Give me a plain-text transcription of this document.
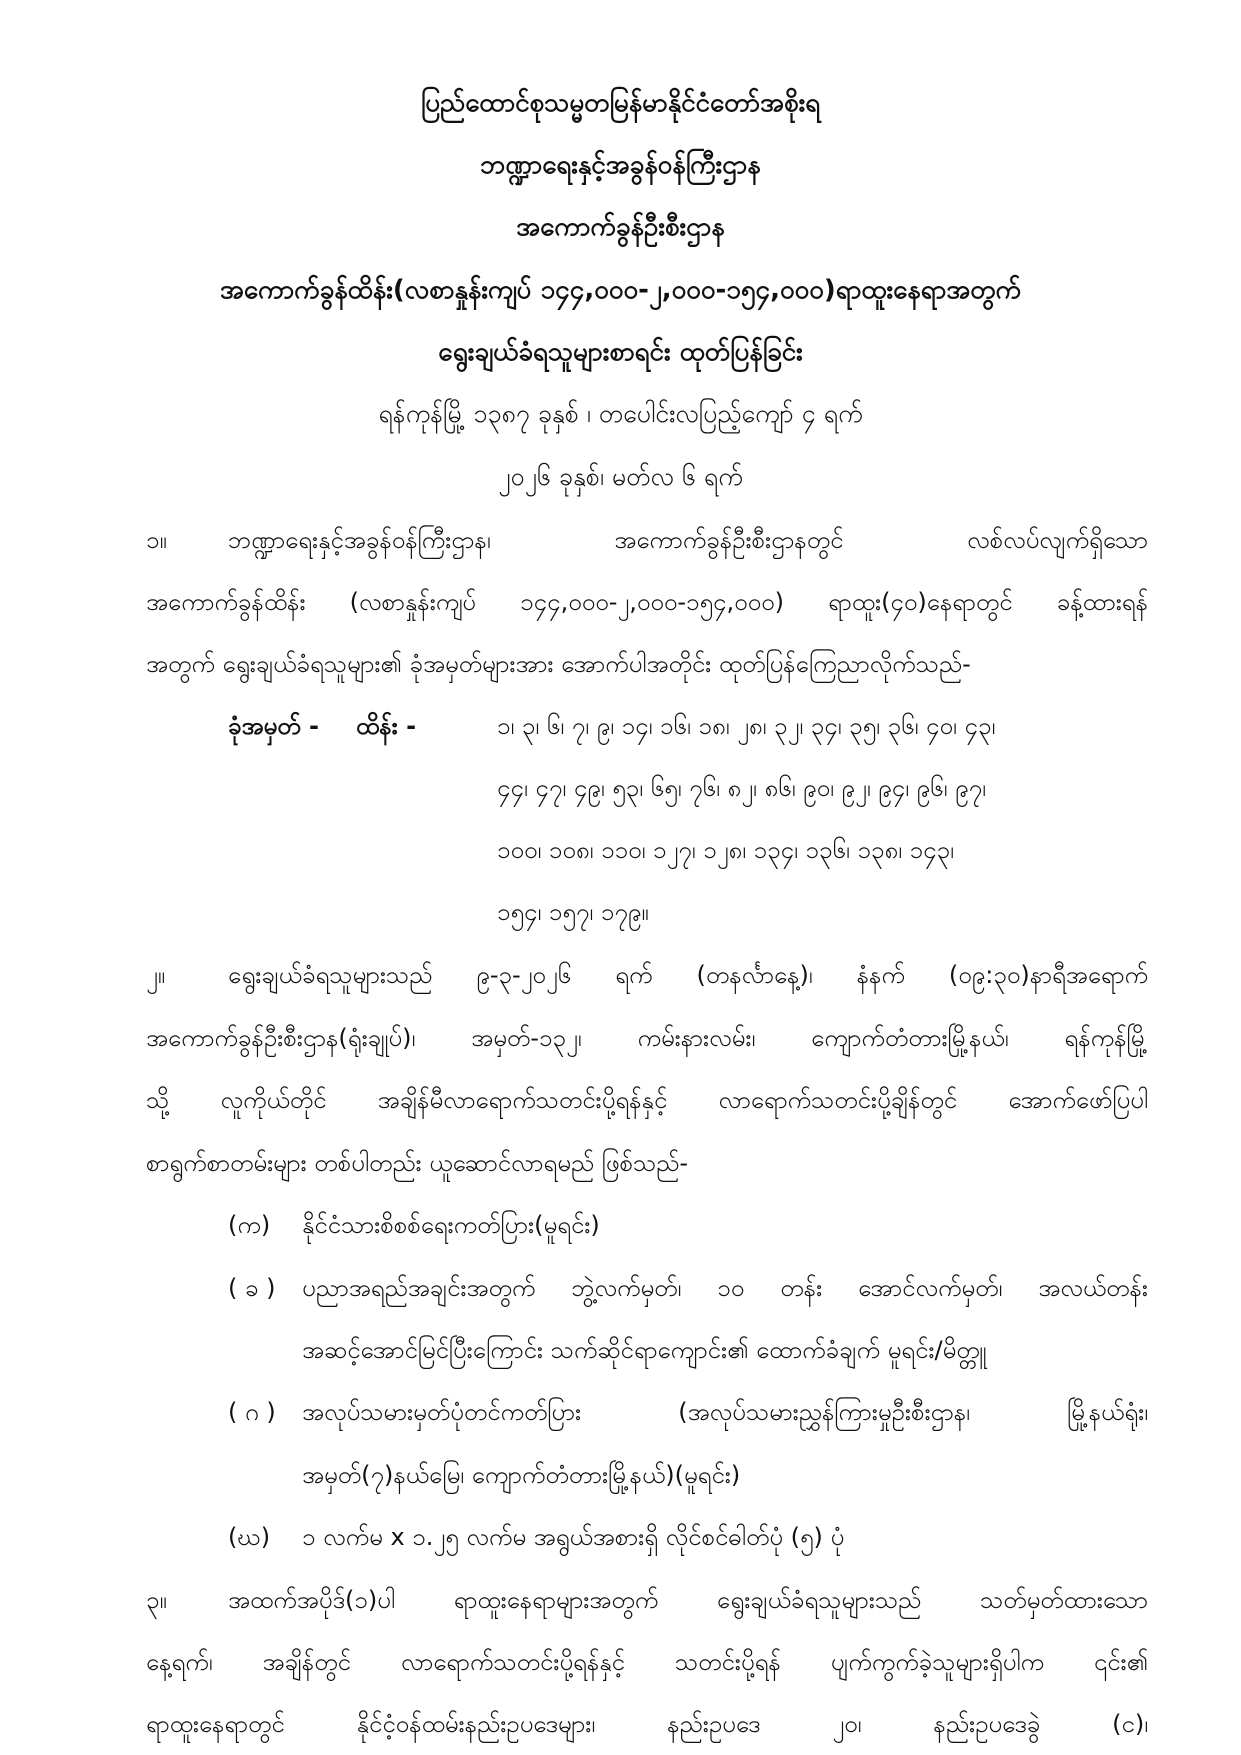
ပြည်ထောင်စုသမ္မတမြန်မာနိုင်ငံတော်အစိုးရ
ဘဏ္ဍာရေးနှင့်အခွန်ဝန်ကြီးဌာန
အကောက်ခွန်ဦးစီးဌာန
အကောက်ခွန်ထိန်း(လစာနှုန်းကျပ် ၁၄၄,၀၀၀-၂,၀၀၀-၁၅၄,၀၀၀)ရာထူးနေရာအတွက်
ရွေးချယ်ခံရသူများစာရင်း ထုတ်ပြန်ခြင်း
ရန်ကုန်မြို့ ၁၃၈၇ ခုနှစ် ၊ တပေါင်းလပြည့်ကျော် ၄ ရက်
၂၀၂၆ ခုနှစ်၊ မတ်လ ၆ ရက်
၁။	ဘဏ္ဍာရေးနှင့်အခွန်ဝန်ကြီးဌာန၊ အကောက်ခွန်ဦးစီးဌာနတွင် လစ်လပ်လျက်ရှိသော
အကောက်ခွန်ထိန်း (လစာနှုန်းကျပ် ၁၄၄,၀၀၀-၂,၀၀၀-၁၅၄,၀၀၀) ရာထူး(၄၀)နေရာတွင် ခန့်ထားရန်
အတွက် ရွေးချယ်ခံရသူများ၏ ခုံအမှတ်များအား အောက်ပါအတိုင်း ထုတ်ပြန်ကြေညာလိုက်သည်-
ခုံအမှတ် - ထိန်း -	၁၊ ၃၊ ၆၊ ၇၊ ၉၊ ၁၄၊ ၁၆၊ ၁၈၊ ၂၈၊ ၃၂၊ ၃၄၊ ၃၅၊ ၃၆၊ ၄၀၊ ၄၃၊
၄၄၊ ၄၇၊ ၄၉၊ ၅၃၊ ၆၅၊ ၇၆၊ ၈၂၊ ၈၆၊ ၉၀၊ ၉၂၊ ၉၄၊ ၉၆၊ ၉၇၊
၁၀၀၊ ၁၀၈၊ ၁၁၀၊ ၁၂၇၊ ၁၂၈၊ ၁၃၄၊ ၁၃၆၊ ၁၃၈၊ ၁၄၃၊
၁၅၄၊ ၁၅၇၊ ၁၇၉။
၂။	ရွေးချယ်ခံရသူများသည် ၉-၃-၂၀၂၆ ရက် (တနင်္လာနေ့)၊ နံနက် (၀၉:၃၀)နာရီအရောက်
အကောက်ခွန်ဦးစီးဌာန(ရုံးချုပ်)၊ အမှတ်-၁၃၂၊ ကမ်းနားလမ်း၊ ကျောက်တံတားမြို့နယ်၊ ရန်ကုန်မြို့
သို့ လူကိုယ်တိုင် အချိန်မီလာရောက်သတင်းပို့ရန်နှင့် လာရောက်သတင်းပို့ချိန်တွင် အောက်ဖော်ပြပါ
စာရွက်စာတမ်းများ တစ်ပါတည်း ယူဆောင်လာရမည် ဖြစ်သည်-
(က) နိုင်ငံသားစိစစ်ရေးကတ်ပြား(မူရင်း)
( ခ ) ပညာအရည်အချင်းအတွက် ဘွဲ့လက်မှတ်၊ ၁၀ တန်း အောင်လက်မှတ်၊ အလယ်တန်း
အဆင့်အောင်မြင်ပြီးကြောင်း သက်ဆိုင်ရာကျောင်း၏ ထောက်ခံချက် မူရင်း/မိတ္တူ
( ဂ ) အလုပ်သမားမှတ်ပုံတင်ကတ်ပြား (အလုပ်သမားညွှန်ကြားမှုဦးစီးဌာန၊ မြို့နယ်ရုံး၊
အမှတ်(၇)နယ်မြေ၊ ကျောက်တံတားမြို့နယ်)(မူရင်း)
(ဃ) ၁ လက်မ x ၁.၂၅ လက်မ အရွယ်အစားရှိ လိုင်စင်ဓါတ်ပုံ (၅) ပုံ
၃။	အထက်အပိုဒ်(၁)ပါ ရာထူးနေရာများအတွက် ရွေးချယ်ခံရသူများသည် သတ်မှတ်ထားသော
နေ့ရက်၊ အချိန်တွင် လာရောက်သတင်းပို့ရန်နှင့် သတင်းပို့ရန် ပျက်ကွက်ခဲ့သူများရှိပါက ၎င်း၏
ရာထူးနေရာတွင် နိုင်ငံ့ဝန်ထမ်းနည်းဥပဒေများ၊ နည်းဥပဒေ ၂၀၊ နည်းဥပဒေခွဲ (င)၊
